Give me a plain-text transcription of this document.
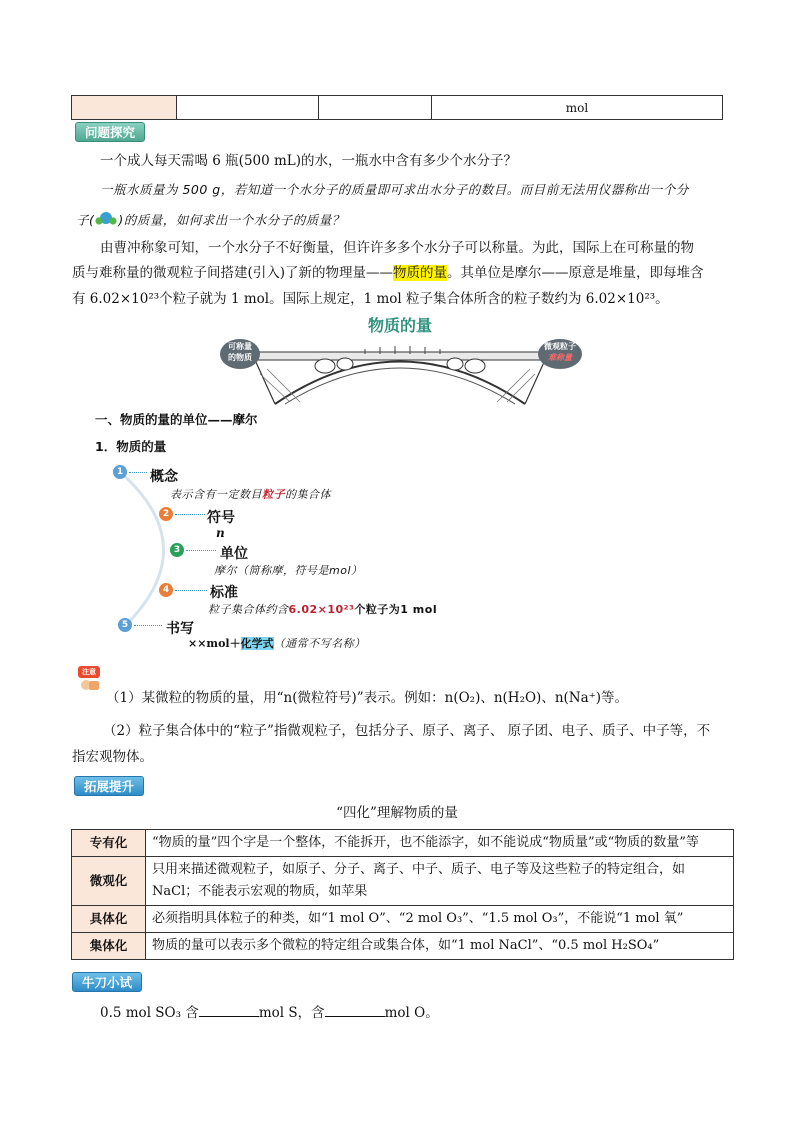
			mol
问题探究
一个成人每天需喝 6 瓶(500 mL)的水，一瓶水中含有多少个水分子？
一瓶水质量为 500 g，若知道一个水分子的质量即可求出水分子的数目。而目前无法用仪器称出一个分
子( )的质量，如何求出一个水分子的质量？
由曹冲称象可知，一个水分子不好衡量，但许许多多个水分子可以称量。为此，国际上在可称量的物
质与难称量的微观粒子间搭建(引入)了新的物理量——物质的量。其单位是摩尔——原意是堆量，即每堆含
有 6.02×10²³个粒子就为 1 mol。国际上规定，1 mol 粒子集合体所含的粒子数约为 6.02×10²³。
物质的量
可称量
的物质
微观粒子
难称量
一、物质的量的单位——摩尔
1．物质的量
1 概念
表示含有一定数目粒子的集合体
2	符号
n
3	单位
摩尔（简称摩，符号是mol）
4	标准
粒子集合体约含6.02×10²³个粒子为1 mol
5	书写
××mol＋化学式（通常不写名称）
注意
（1）某微粒的物质的量，用“n(微粒符号)”表示。例如：n(O₂)、n(H₂O)、n(Na⁺)等。
（2）粒子集合体中的“粒子”指微观粒子，包括分子、原子、离子、 原子团、电子、质子、中子等，不
指宏观物体。
拓展提升
“四化”理解物质的量
专有化	“物质的量”四个字是一个整体，不能拆开，也不能添字，如不能说成“物质量”或“物质的数量”等
微观化	只用来描述微观粒子，如原子、分子、离子、中子、质子、电子等及这些粒子的特定组合，如 NaCl；不能表示宏观的物质，如苹果
具体化	必须指明具体粒子的种类，如“1 mol O”、“2 mol O₃”、“1.5 mol O₃”，不能说“1 mol 氧”
集体化	物质的量可以表示多个微粒的特定组合或集合体，如“1 mol NaCl”、“0.5 mol H₂SO₄”
牛刀小试
0.5 mol SO₃ 含	mol S，含	mol O。
